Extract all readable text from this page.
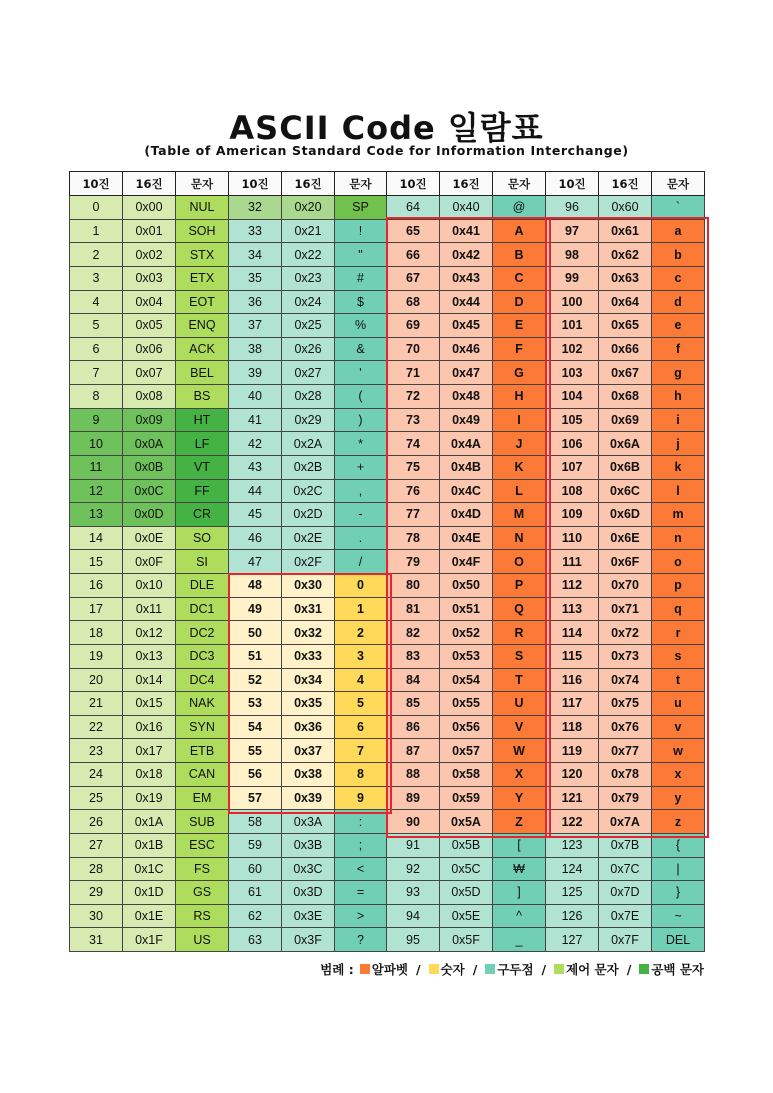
ASCII Code 일람표
(Table of American Standard Code for Information Interchange)
10진	16진	문자	10진	16진	문자	10진	16진	문자	10진	16진	문자
0	0x00	NUL	32	0x20	SP	64	0x40	@	96	0x60	`
1	0x01	SOH	33	0x21	!	65	0x41	A	97	0x61	a
2	0x02	STX	34	0x22	"	66	0x42	B	98	0x62	b
3	0x03	ETX	35	0x23	#	67	0x43	C	99	0x63	c
4	0x04	EOT	36	0x24	$	68	0x44	D	100	0x64	d
5	0x05	ENQ	37	0x25	%	69	0x45	E	101	0x65	e
6	0x06	ACK	38	0x26	&	70	0x46	F	102	0x66	f
7	0x07	BEL	39	0x27	'	71	0x47	G	103	0x67	g
8	0x08	BS	40	0x28	(	72	0x48	H	104	0x68	h
9	0x09	HT	41	0x29	)	73	0x49	I	105	0x69	i
10	0x0A	LF	42	0x2A	*	74	0x4A	J	106	0x6A	j
11	0x0B	VT	43	0x2B	+	75	0x4B	K	107	0x6B	k
12	0x0C	FF	44	0x2C	,	76	0x4C	L	108	0x6C	l
13	0x0D	CR	45	0x2D	-	77	0x4D	M	109	0x6D	m
14	0x0E	SO	46	0x2E	.	78	0x4E	N	110	0x6E	n
15	0x0F	SI	47	0x2F	/	79	0x4F	O	111	0x6F	o
16	0x10	DLE	48	0x30	0	80	0x50	P	112	0x70	p
17	0x11	DC1	49	0x31	1	81	0x51	Q	113	0x71	q
18	0x12	DC2	50	0x32	2	82	0x52	R	114	0x72	r
19	0x13	DC3	51	0x33	3	83	0x53	S	115	0x73	s
20	0x14	DC4	52	0x34	4	84	0x54	T	116	0x74	t
21	0x15	NAK	53	0x35	5	85	0x55	U	117	0x75	u
22	0x16	SYN	54	0x36	6	86	0x56	V	118	0x76	v
23	0x17	ETB	55	0x37	7	87	0x57	W	119	0x77	w
24	0x18	CAN	56	0x38	8	88	0x58	X	120	0x78	x
25	0x19	EM	57	0x39	9	89	0x59	Y	121	0x79	y
26	0x1A	SUB	58	0x3A	:	90	0x5A	Z	122	0x7A	z
27	0x1B	ESC	59	0x3B	;	91	0x5B	[	123	0x7B	{
28	0x1C	FS	60	0x3C	<	92	0x5C	₩	124	0x7C	|
29	0x1D	GS	61	0x3D	=	93	0x5D	]	125	0x7D	}
30	0x1E	RS	62	0x3E	>	94	0x5E	^	126	0x7E	~
31	0x1F	US	63	0x3F	?	95	0x5F	_	127	0x7F	DEL
범례 : 알파벳 / 숫자 / 구두점 / 제어 문자 / 공백 문자
